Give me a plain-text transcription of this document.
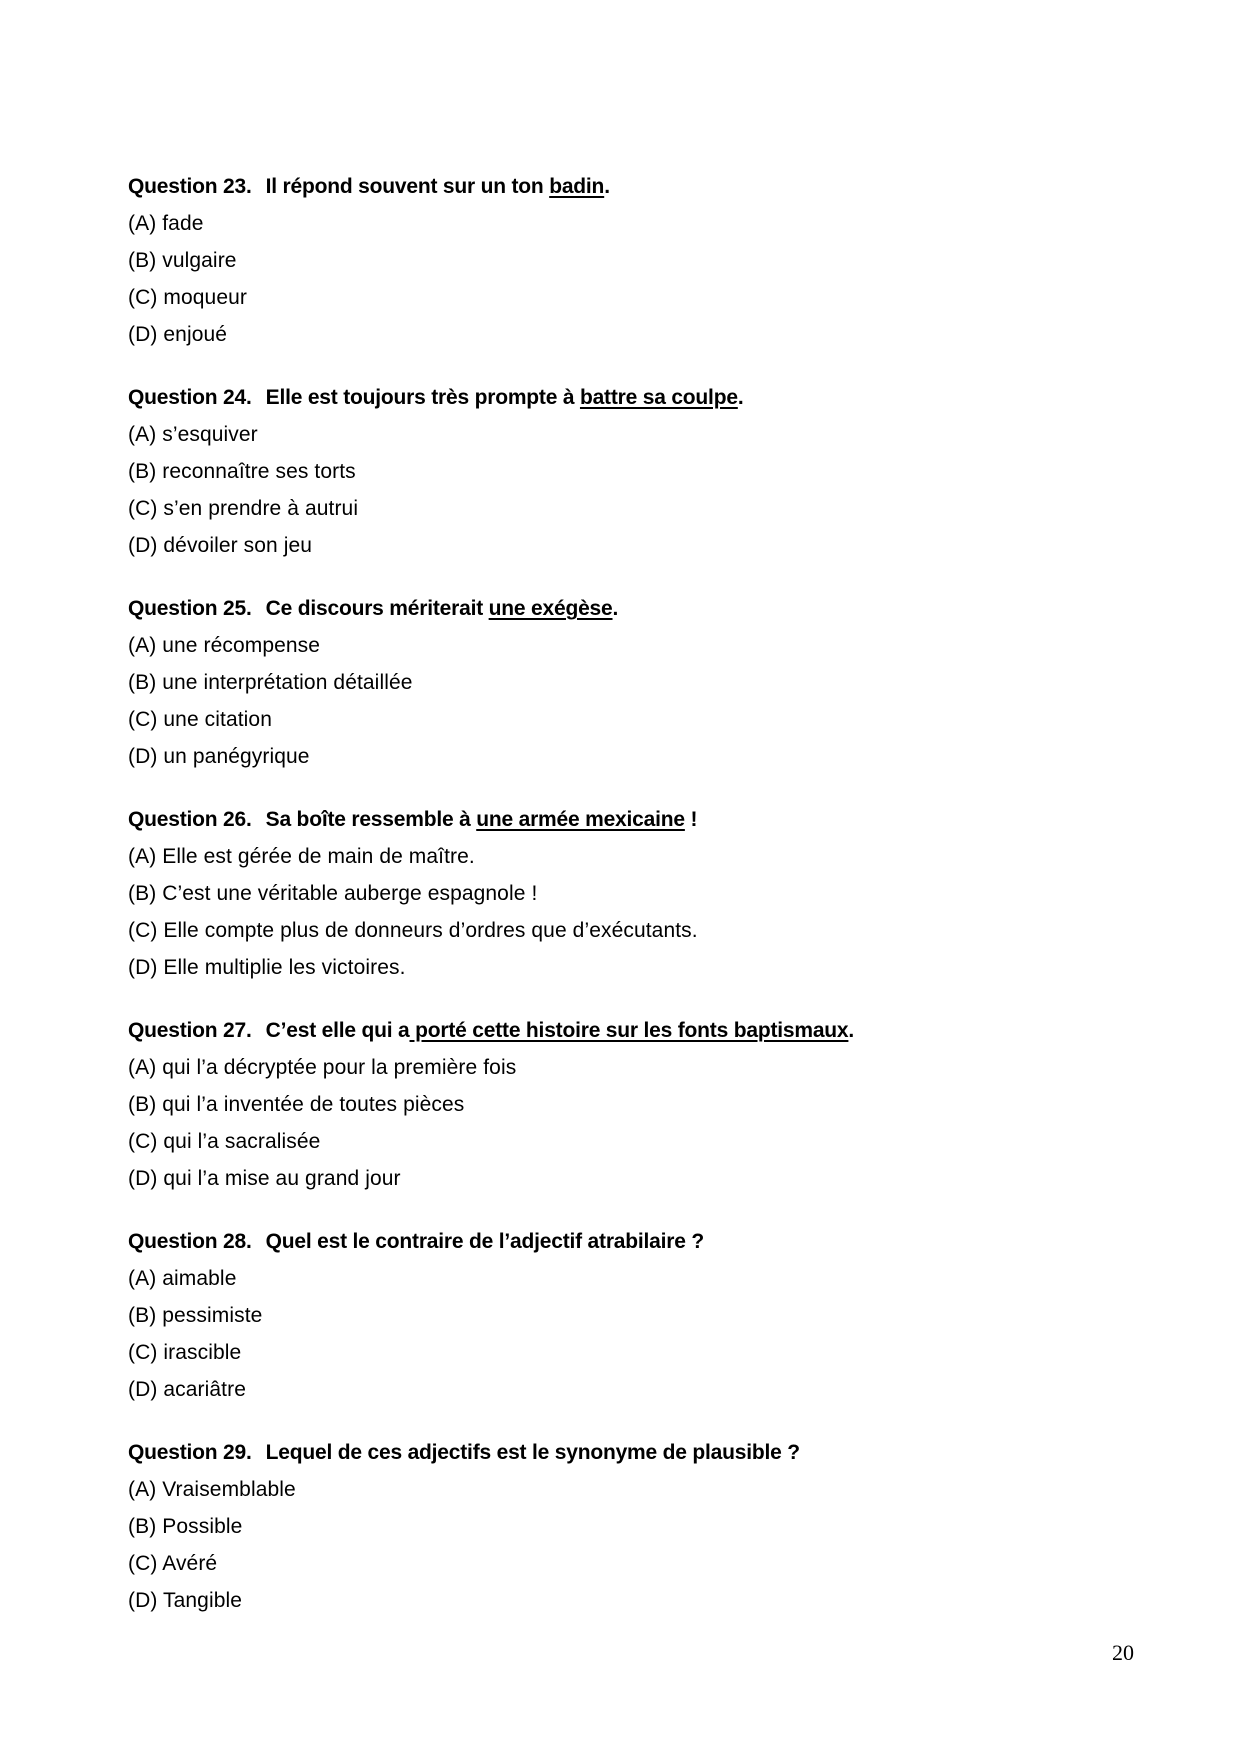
Question 23. Il répond souvent sur un ton badin.
(A) fade
(B) vulgaire
(C) moqueur
(D) enjoué
Question 24. Elle est toujours très prompte à battre sa coulpe.
(A) s’esquiver
(B) reconnaître ses torts
(C) s’en prendre à autrui
(D) dévoiler son jeu
Question 25. Ce discours mériterait une exégèse.
(A) une récompense
(B) une interprétation détaillée
(C) une citation
(D) un panégyrique
Question 26. Sa boîte ressemble à une armée mexicaine !
(A) Elle est gérée de main de maître.
(B) C’est une véritable auberge espagnole !
(C) Elle compte plus de donneurs d’ordres que d’exécutants.
(D) Elle multiplie les victoires.
Question 27. C’est elle qui a porté cette histoire sur les fonts baptismaux.
(A) qui l’a décryptée pour la première fois
(B) qui l’a inventée de toutes pièces
(C) qui l’a sacralisée
(D) qui l’a mise au grand jour
Question 28. Quel est le contraire de l’adjectif atrabilaire ?
(A) aimable
(B) pessimiste
(C) irascible
(D) acariâtre
Question 29. Lequel de ces adjectifs est le synonyme de plausible ?
(A) Vraisemblable
(B) Possible
(C) Avéré
(D) Tangible
20
